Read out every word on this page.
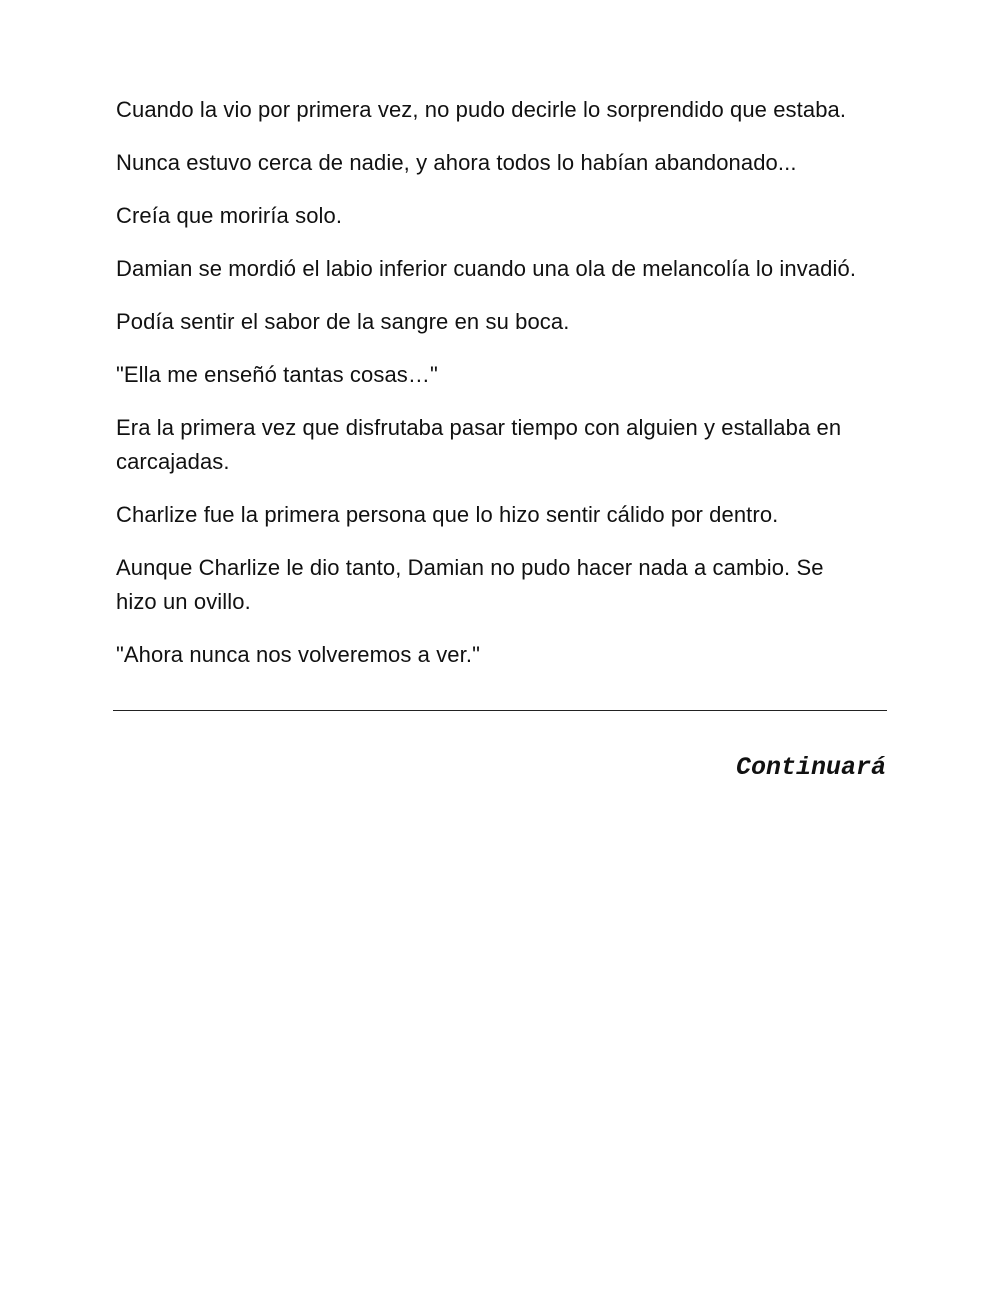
Cuando la vio por primera vez, no pudo decirle lo sorprendido que estaba.

Nunca estuvo cerca de nadie, y ahora todos lo habían abandonado...

Creía que moriría solo.

Damian se mordió el labio inferior cuando una ola de melancolía lo invadió.

Podía sentir el sabor de la sangre en su boca.

"Ella me enseñó tantas cosas…"

Era la primera vez que disfrutaba pasar tiempo con alguien y estallaba en carcajadas.

Charlize fue la primera persona que lo hizo sentir cálido por dentro.

Aunque Charlize le dio tanto, Damian no pudo hacer nada a cambio. Se hizo un ovillo.

"Ahora nunca nos volveremos a ver."

Continuará
